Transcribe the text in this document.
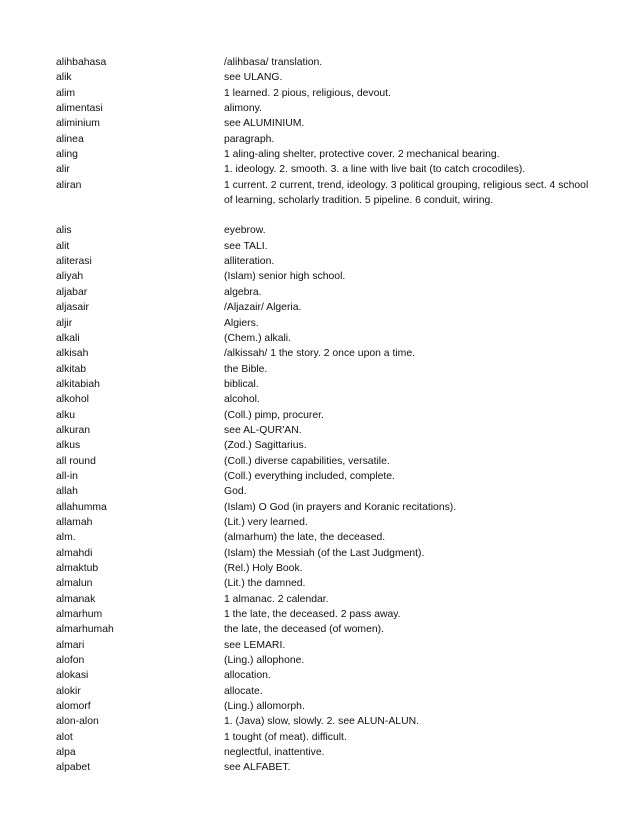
alihbahasa	/alihbasa/ translation.
alik	see ULANG.
alim	1 learned. 2 pious, religious, devout.
alimentasi	alimony.
aliminium	see ALUMINIUM.
alinea	paragraph.
aling	1 aling-aling shelter, protective cover. 2 mechanical bearing.
alir	1. ideology. 2. smooth. 3. a line with live bait (to catch crocodiles).
aliran	1 current. 2 current, trend, ideology. 3 political grouping, religious sect. 4 school of learning, scholarly tradition. 5 pipeline. 6 conduit, wiring.
alis	eyebrow.
alit	see TALI.
aliterasi	alliteration.
aliyah	(Islam) senior high school.
aljabar	algebra.
aljasair	/Aljazair/ Algeria.
aljir	Algiers.
alkali	(Chem.) alkali.
alkisah	/alkissah/ 1 the story. 2 once upon a time.
alkitab	the Bible.
alkitabiah	biblical.
alkohol	alcohol.
alku	(Coll.) pimp, procurer.
alkuran	see AL-QUR'AN.
alkus	(Zod.) Sagittarius.
all round	(Coll.) diverse capabilities, versatile.
all-in	(Coll.) everything included, complete.
allah	God.
allahumma	(Islam) O God (in prayers and Koranic recitations).
allamah	(Lit.) very learned.
alm.	(almarhum) the late, the deceased.
almahdi	(Islam) the Messiah (of the Last Judgment).
almaktub	(Rel.) Holy Book.
almalun	(Lit.) the damned.
almanak	1 almanac. 2 calendar.
almarhum	1 the late, the deceased. 2 pass away.
almarhumah	the late, the deceased (of women).
almari	see LEMARI.
alofon	(Ling.) allophone.
alokasi	allocation.
alokir	allocate.
alomorf	(Ling.) allomorph.
alon-alon	1. (Java) slow, slowly. 2. see ALUN-ALUN.
alot	1 tought (of meat). difficult.
alpa	neglectful, inattentive.
alpabet	see ALFABET.
